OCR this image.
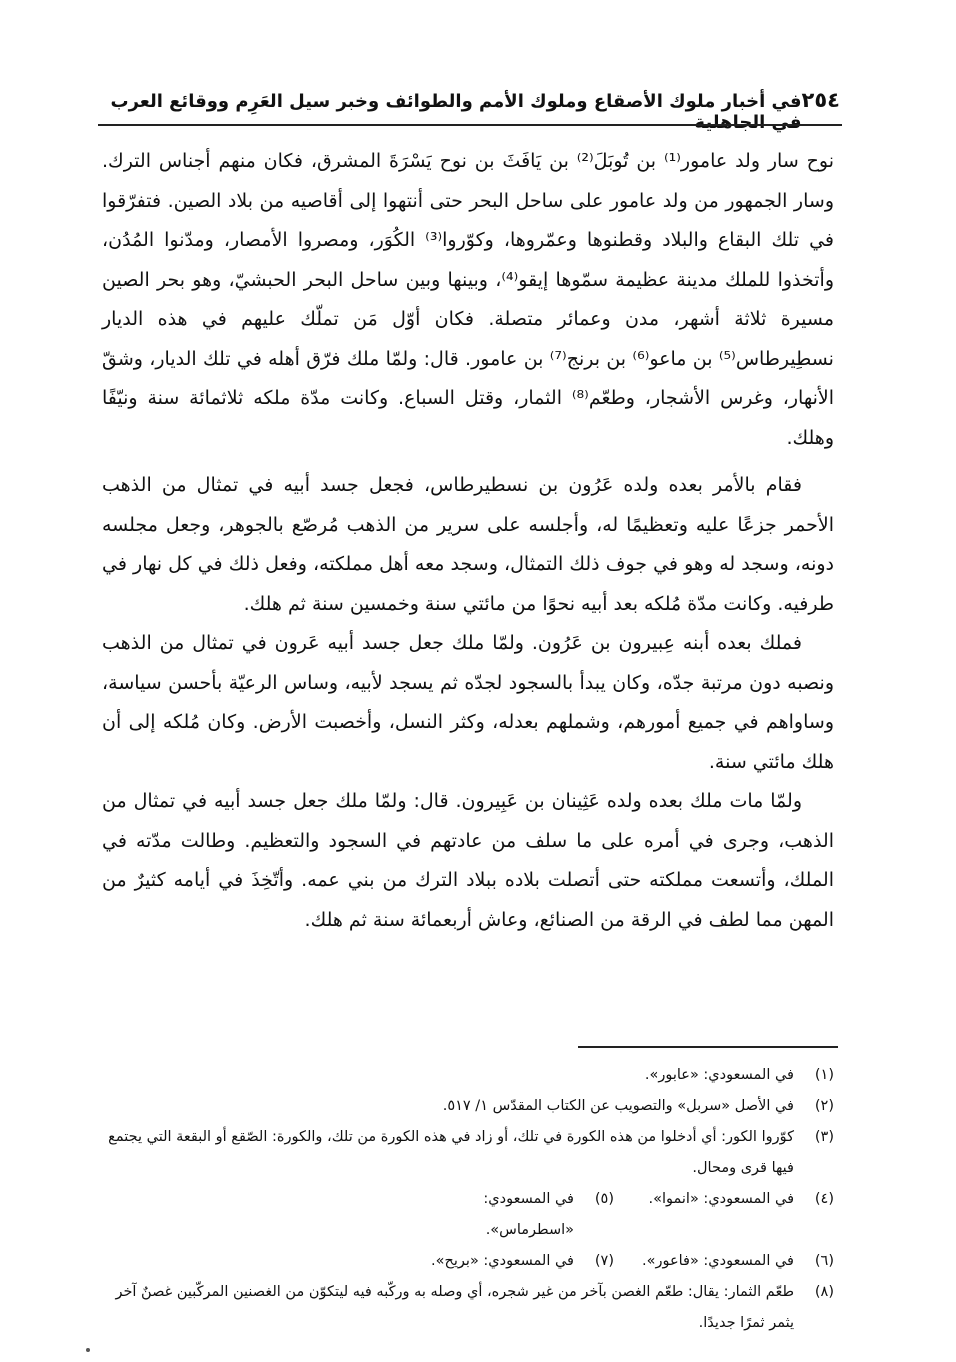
٢٥٤
في أخبار ملوك الأصقاع وملوك الأمم والطوائف وخبر سيل العَرِم ووقائع العرب في الجاهلية

نوح سار ولد عامور⁽¹⁾ بن تُوبَلَ⁽²⁾ بن يَافَثَ بن نوح يَسْرَةَ المشرق، فكان منهم أجناس الترك. وسار الجمهور من ولد عامور على ساحل البحر حتى أنتهوا إلى أقاصيه من بلاد الصين. فتفرّقوا في تلك البقاع والبلاد وقطنوها وعمّروها، وكوّروا⁽³⁾ الكُوَر، ومصروا الأمصار، ومدّنوا المُدُن، وأتخذوا للملك مدينة عظيمة سمّوها إيقو⁽⁴⁾، وبينها وبين ساحل البحر الحبشيّ، وهو بحر الصين مسيرة ثلاثة أشهر، مدن وعمائر متصلة. فكان أوّل مَن تملّك عليهم في هذه الديار نسطِيرطاس⁽⁵⁾ بن ماعو⁽⁶⁾ بن برنج⁽⁷⁾ بن عامور. قال: ولمّا ملك فرّق أهله في تلك الديار، وشقّ الأنهار، وغرس الأشجار، وطعّم⁽⁸⁾ الثمار، وقتل السباع. وكانت مدّة ملكه ثلاثمائة سنة ونيّفًا وهلك.

فقام بالأمر بعده ولده عَرُون بن نسطيرطاس، فجعل جسد أبيه في تمثال من الذهب الأحمر جزعًا عليه وتعظيمًا له، وأجلسه على سرير من الذهب مُرصّع بالجوهر، وجعل مجلسه دونه، وسجد له وهو في جوف ذلك التمثال، وسجد معه أهل مملكته، وفعل ذلك في كل نهار في طرفيه. وكانت مدّة مُلكه بعد أبيه نحوًا من مائتي سنة وخمسين سنة ثم هلك.

فملك بعده أبنه عِبيرون بن عَرُون. ولمّا ملك جعل جسد أبيه عَرون في تمثال من الذهب ونصبه دون مرتبة جدّه، وكان يبدأ بالسجود لجدّه ثم يسجد لأبيه، وساس الرعيّة بأحسن سياسة، وساواهم في جميع أمورهم، وشملهم بعدله، وكثر النسل، وأخصبت الأرض. وكان مُلكه إلى أن هلك مائتي سنة.

ولمّا مات ملك بعده ولده عَثِينان بن عَبِيرون. قال: ولمّا ملك جعل جسد أبيه في تمثال من الذهب، وجرى في أمره على ما سلف من عادتهم في السجود والتعظيم. وطالت مدّته في الملك، وأتسعت مملكته حتى أتصلت بلاده ببلاد الترك من بني عمه. وأتّخِذَ في أيامه كثيرٌ من المهن مما لطف في الرقة من الصنائع، وعاش أربعمائة سنة ثم هلك.

(١)
في المسعودي: «عابور».
(٢)
في الأصل «سربل» والتصويب عن الكتاب المقدّس ١/ ٥١٧.
(٣)
كوّروا الكور: أي أدخلوا من هذه الكورة في تلك، أو زاد في هذه الكورة من تلك، والكورة: الصّقع أو البقعة التي يجتمع فيها قرى ومحال.
(٤)
في المسعودي: «انموا».
(٥)
في المسعودي: «اسطرماس».
(٦)
في المسعودي: «فاعور».
(٧)
في المسعودي: «بريح».
(٨)
طعّم الثمار: يقال: طعّم الغصن بآخر من غير شجره، أي وصله به وركّبه فيه ليتكوّن من الغصنين المركّبين غصنٌ آخر يثمر ثمرًا جديدًا.
